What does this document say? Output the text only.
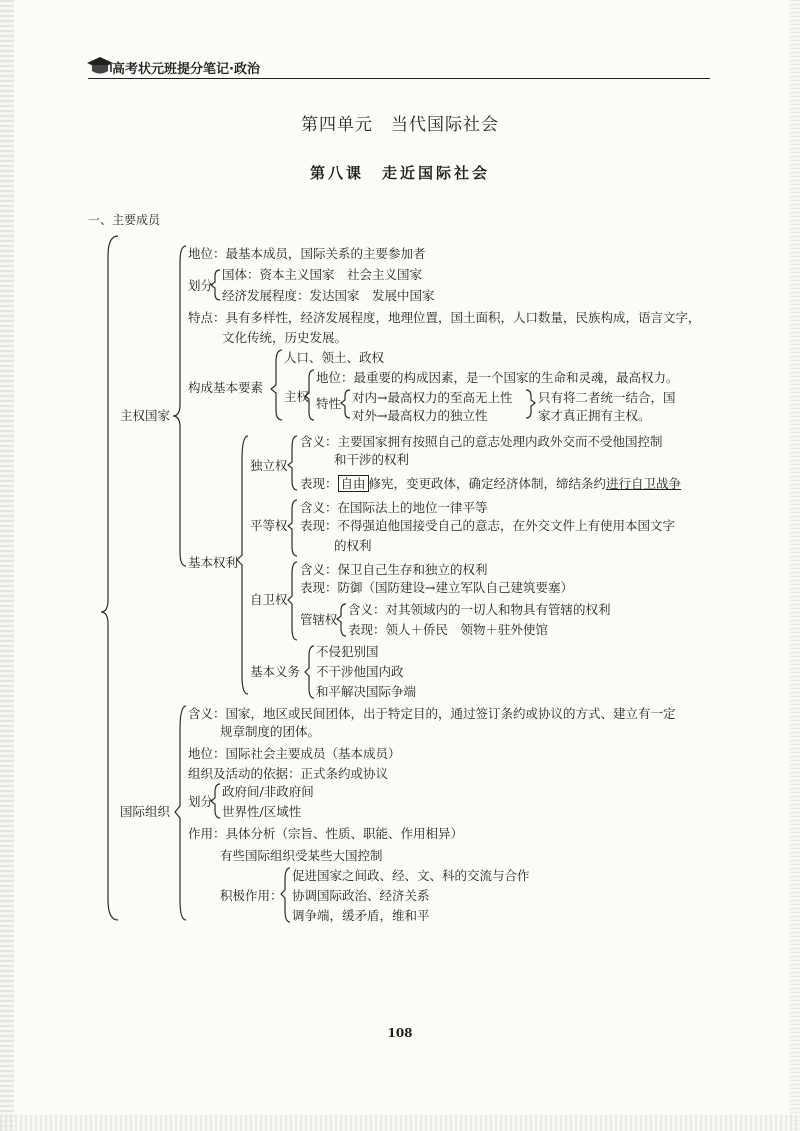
高考状元班提分笔记·政治
第四单元　当代国际社会
第八课　走近国际社会
一、主要成员
主权国家
国际组织
地位：最基本成员，国际关系的主要参加者
划分
国体：资本主义国家　社会主义国家
经济发展程度：发达国家　发展中国家
特点：具有多样性，经济发展程度，地理位置，国土面积，人口数量，民族构成，语言文字，
文化传统，历史发展。
构成基本要素
人口、领土、政权
主权
地位：最重要的构成因素，是一个国家的生命和灵魂，最高权力。
特性 对内→最高权力的至高无上性
对外→最高权力的独立性
只有将二者统一结合，国
家才真正拥有主权。
基本权利
独立权
含义：主要国家拥有按照自己的意志处理内政外交而不受他国控制
和干涉的权利
表现： 自由 修宪，变更政体，确定经济体制，缔结条约进行自卫战争
平等权
含义：在国际法上的地位一律平等
表现：不得强迫他国接受自己的意志，在外交文件上有使用本国文字
的权利
自卫权
含义：保卫自己生存和独立的权利
表现：防御（国防建设→建立军队自己建筑要塞）
管辖权
含义：对其领域内的一切人和物具有管辖的权利
表现：领人＋侨民　领物＋驻外使馆
基本义务
不侵犯别国
不干涉他国内政
和平解决国际争端
含义：国家，地区或民间团体，出于特定目的，通过签订条约或协议的方式、建立有一定
规章制度的团体。
地位：国际社会主要成员（基本成员）
组织及活动的依据：正式条约或协议
划分
政府间/非政府间
世界性/区域性
作用：具体分析（宗旨、性质、职能、作用相异）
有些国际组织受某些大国控制
积极作用：
促进国家之间政、经、文、科的交流与合作
协调国际政治、经济关系
调争端，缓矛盾，维和平
108
